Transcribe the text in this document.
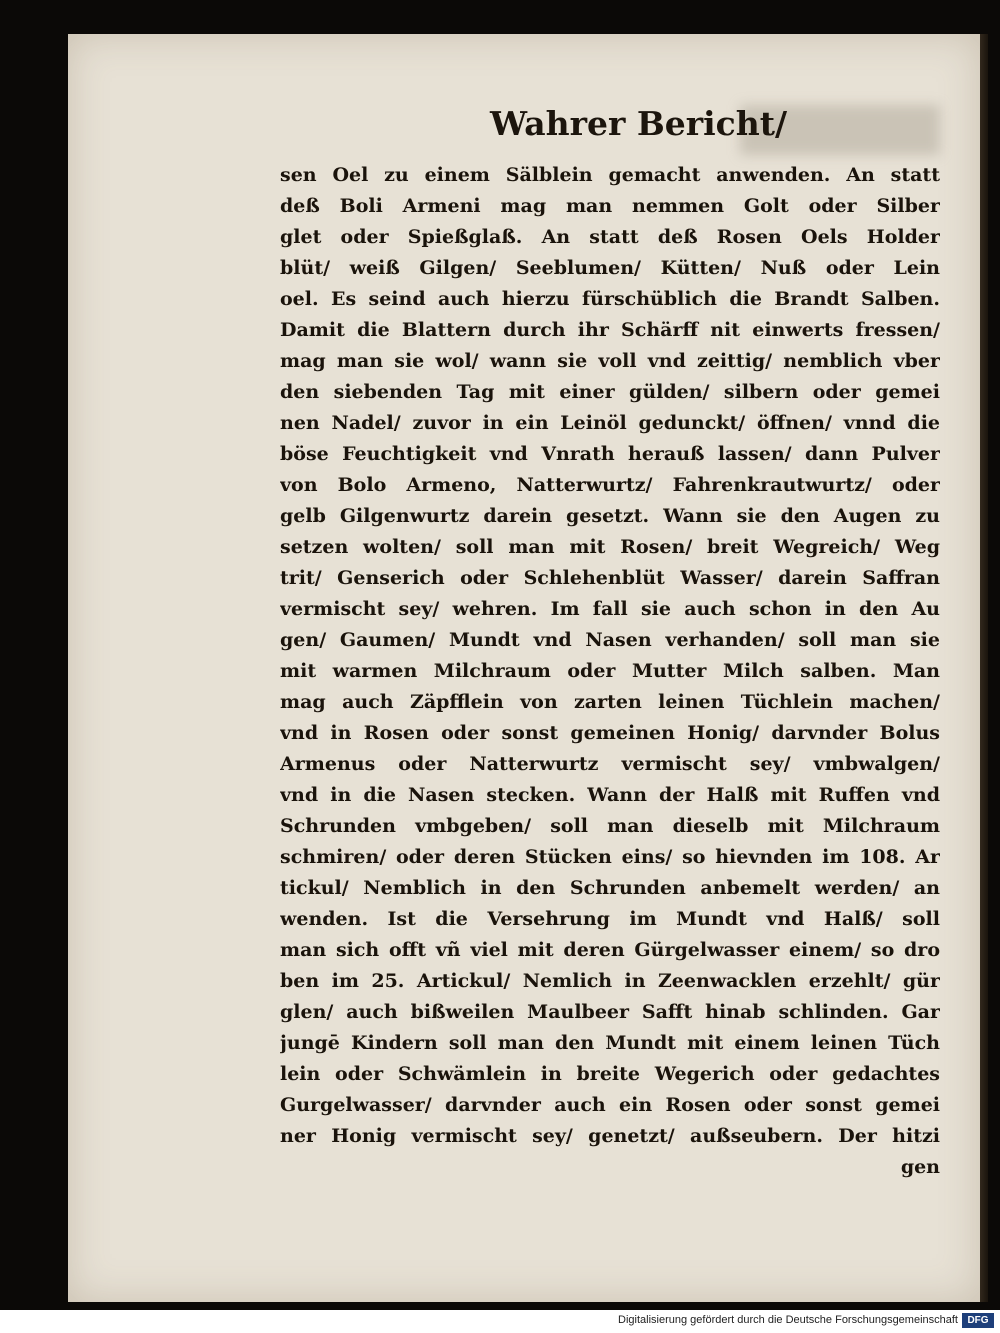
Wahrer Bericht/
sen Oel zu einem Sälblein gemacht anwenden. An statt
deß Boli Armeni mag man nemmen Golt oder Silber
glet oder Spießglaß. An statt deß Rosen Oels Holder
blüt/ weiß Gilgen/ Seeblumen/ Kütten/ Nuß oder Lein
oel. Es seind auch hierzu fürschüblich die Brandt Salben.
Damit die Blattern durch ihr Schärff nit einwerts fressen/
mag man sie wol/ wann sie voll vnd zeittig/ nemblich vber
den siebenden Tag mit einer gülden/ silbern oder gemei
nen Nadel/ zuvor in ein Leinöl gedunckt/ öffnen/ vnnd die
böse Feuchtigkeit vnd Vnrath herauß lassen/ dann Pulver
von Bolo Armeno, Natterwurtz/ Fahrenkrautwurtz/ oder
gelb Gilgenwurtz darein gesetzt. Wann sie den Augen zu
setzen wolten/ soll man mit Rosen/ breit Wegreich/ Weg
trit/ Genserich oder Schlehenblüt Wasser/ darein Saffran
vermischt sey/ wehren. Im fall sie auch schon in den Au
gen/ Gaumen/ Mundt vnd Nasen verhanden/ soll man sie
mit warmen Milchraum oder Mutter Milch salben. Man
mag auch Zäpfflein von zarten leinen Tüchlein machen/
vnd in Rosen oder sonst gemeinen Honig/ darvnder Bolus
Armenus oder Natterwurtz vermischt sey/ vmbwalgen/
vnd in die Nasen stecken. Wann der Halß mit Ruffen vnd
Schrunden vmbgeben/ soll man dieselb mit Milchraum
schmiren/ oder deren Stücken eins/ so hievnden im 108. Ar
tickul/ Nemblich in den Schrunden anbemelt werden/ an
wenden. Ist die Versehrung im Mundt vnd Halß/ soll
man sich offt vñ viel mit deren Gürgelwasser einem/ so dro
ben im 25. Artickul/ Nemlich in Zeenwacklen erzehlt/ gür
glen/ auch bißweilen Maulbeer Safft hinab schlinden. Gar
jungē Kindern soll man den Mundt mit einem leinen Tüch
lein oder Schwämlein in breite Wegerich oder gedachtes
Gurgelwasser/ darvnder auch ein Rosen oder sonst gemei
ner Honig vermischt sey/ genetzt/ außseubern. Der hitzi
gen
Digitalisierung gefördert durch die Deutsche Forschungsgemeinschaft DFG
